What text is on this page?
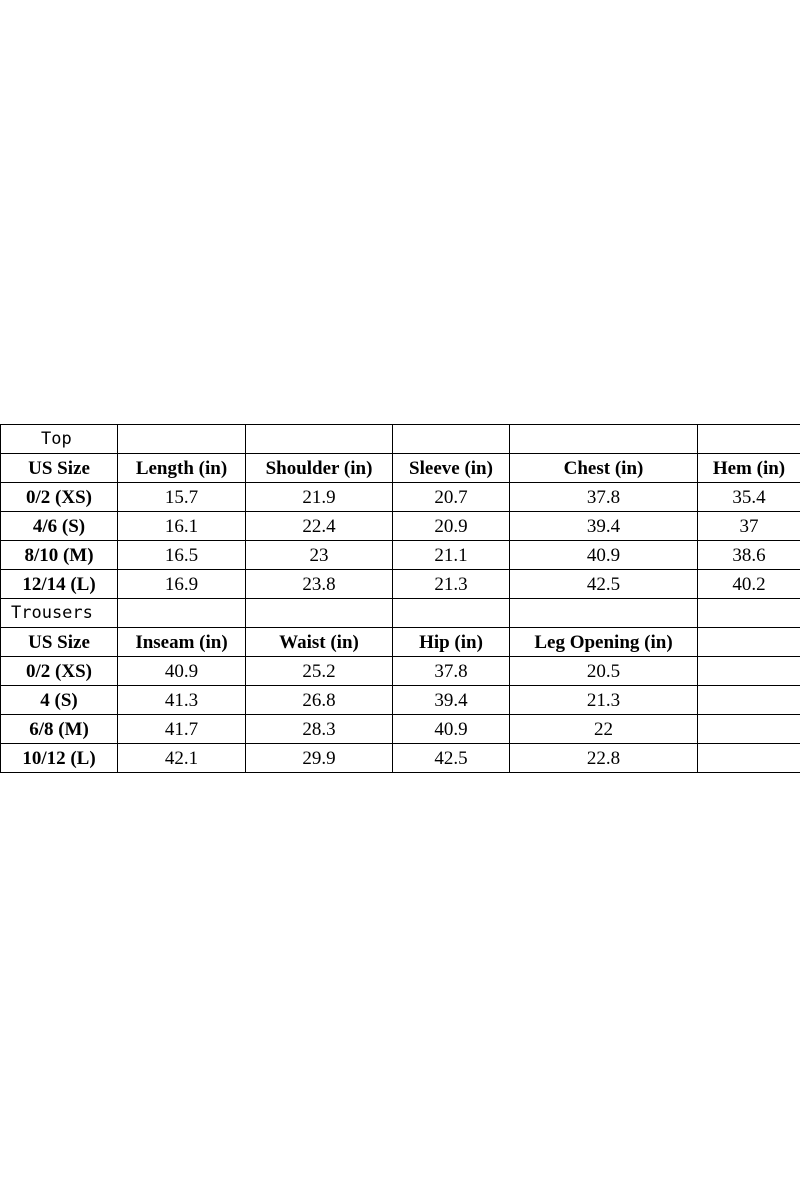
Top					
US Size	Length (in)	Shoulder (in)	Sleeve (in)	Chest (in)	Hem (in)
0/2 (XS)	15.7	21.9	20.7	37.8	35.4
4/6 (S)	16.1	22.4	20.9	39.4	37
8/10 (M)	16.5	23	21.1	40.9	38.6
12/14 (L)	16.9	23.8	21.3	42.5	40.2
Trousers					
US Size	Inseam (in)	Waist (in)	Hip (in)	Leg Opening (in)	
0/2 (XS)	40.9	25.2	37.8	20.5	
4 (S)	41.3	26.8	39.4	21.3	
6/8 (M)	41.7	28.3	40.9	22	
10/12 (L)	42.1	29.9	42.5	22.8	
